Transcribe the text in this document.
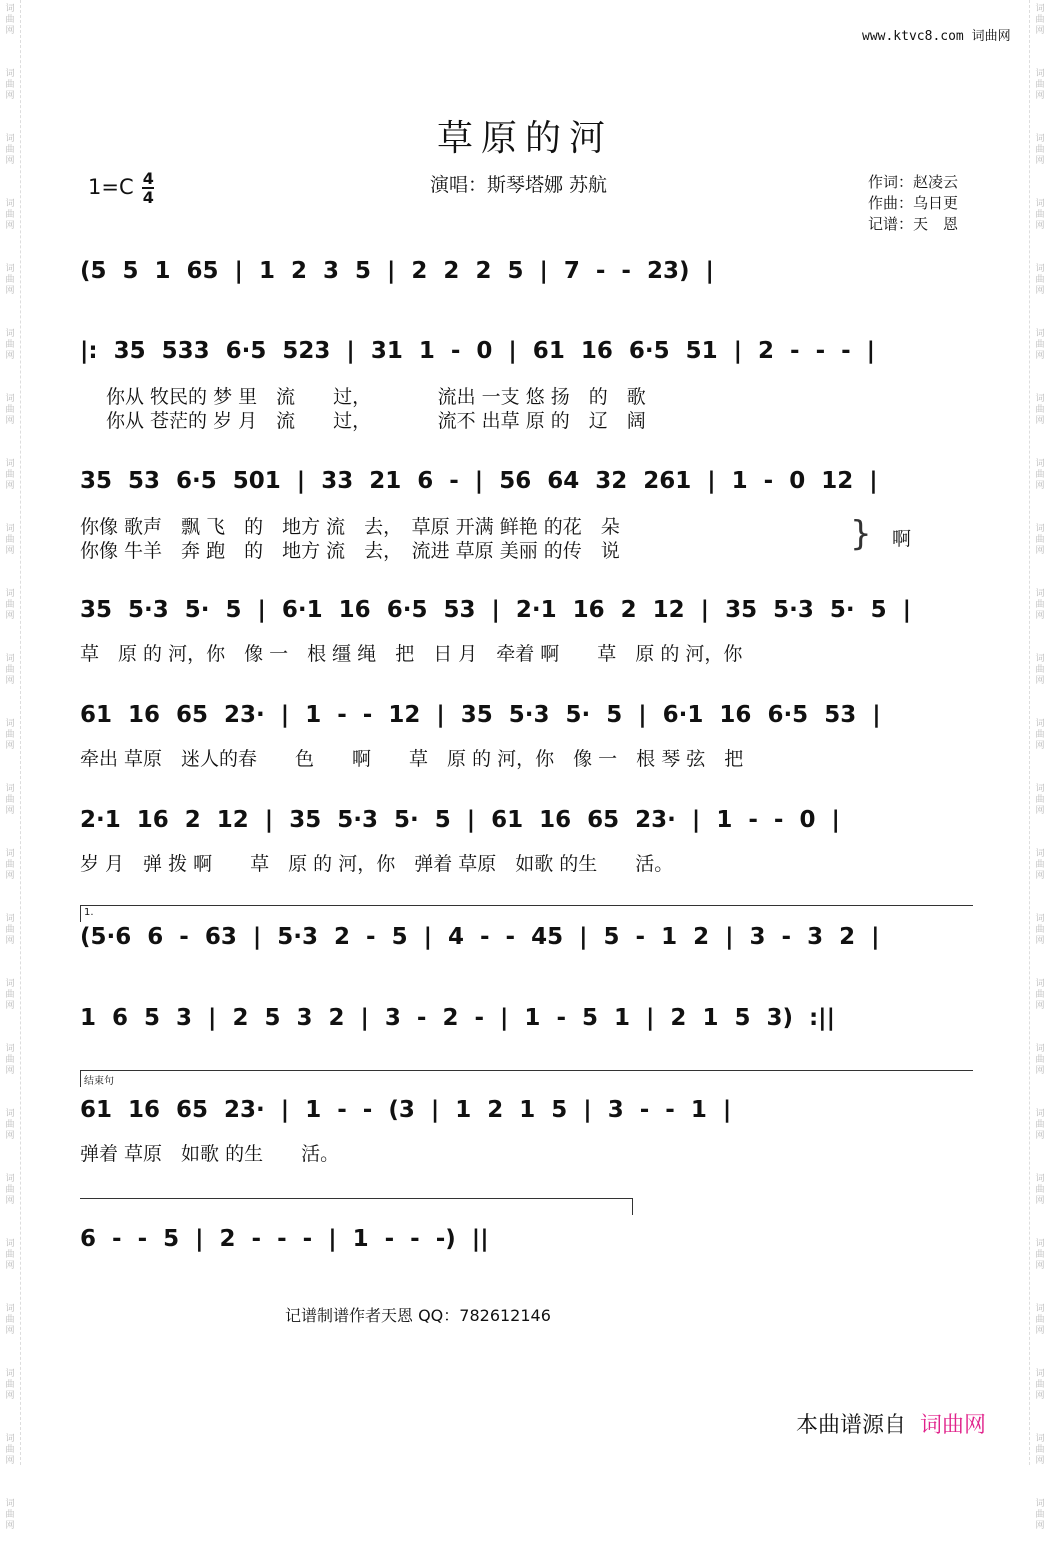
词
曲
网
词
曲
网
词
曲
网
词
曲
网
词
曲
网
词
曲
网
词
曲
网
词
曲
网
词
曲
网
词
曲
网
词
曲
网
词
曲
网
词
曲
网
词
曲
网
词
曲
网
词
曲
网
词
曲
网
词
曲
网
词
曲
网
词
曲
网
词
曲
网
词
曲
网
词
曲
网
词
曲
网
词
曲
网
词
曲
网
词
曲
网
词
曲
网
词
曲
网
词
曲
网
词
曲
网
词
曲
网
词
曲
网
词
曲
网
词
曲
网
词
曲
网
词
曲
网
词
曲
网
词
曲
网
词
曲
网
词
曲
网
词
曲
网
词
曲
网
词
曲
网
词
曲
网
词
曲
网
词
曲
网
词
曲
网
www.ktvc8.com 词曲网
草原的河
$1=C \frac{4}{4}$	演唱：斯琴塔娜 苏航	作词：赵凌云
作曲：乌日更
记谱：天　恩
(5 5 1 65 | 1 2 3 5 | 2 2 2 5 | 7 - - 23) |
|: 35 533 6·5 523 | 31 1 - 0 | 61 16 6·5 51 | 2 - - - |
你从 牧民的 梦 里　流　　过，　　　　流出 一支 悠 扬　的　歌
你从 苍茫的 岁 月　流　　过，　　　　流不 出草 原 的　辽　阔
35 53 6·5 501 | 33 21 6 - | 56 64 32 261 | 1 - 0 12 |
你像 歌声　飘 飞　的　地方 流　去，　草原 开满 鲜艳 的花　朵
你像 牛羊　奔 跑　的　地方 流　去，　流进 草原 美丽 的传　说	} 啊
35 5·3 5· 5 | 6·1 16 6·5 53 | 2·1 16 2 12 | 35 5·3 5· 5 |
草　原 的 河，你　像 一　根 缰 绳　把　日 月　牵着 啊　　草　原 的 河，你
61 16 65 23· | 1 - - 12 | 35 5·3 5· 5 | 6·1 16 6·5 53 |
牵出 草原　迷人的春　　色　　啊　　草　原 的 河，你　像 一　根 琴 弦　把
2·1 16 2 12 | 35 5·3 5· 5 | 61 16 65 23· | 1 - - 0 |
岁 月　弹 拨 啊　　草　原 的 河，你　弹着 草原　如歌 的生　　活。
1.
(5·6 6 - 63 | 5·3 2 - 5 | 4 - - 45 | 5 - 1 2 | 3 - 3 2 |
1 6 5 3 | 2 5 3 2 | 3 - 2 - | 1 - 5 1 | 2 1 5 3) :||
结束句
61 16 65 23· | 1 - - (3 | 1 2 1 5 | 3 - - 1 |
弹着 草原　如歌 的生　　活。
6 - - 5 | 2 - - - | 1 - - -) ||
记谱制谱作者天恩 QQ：782612146
本曲谱源自 词曲网
